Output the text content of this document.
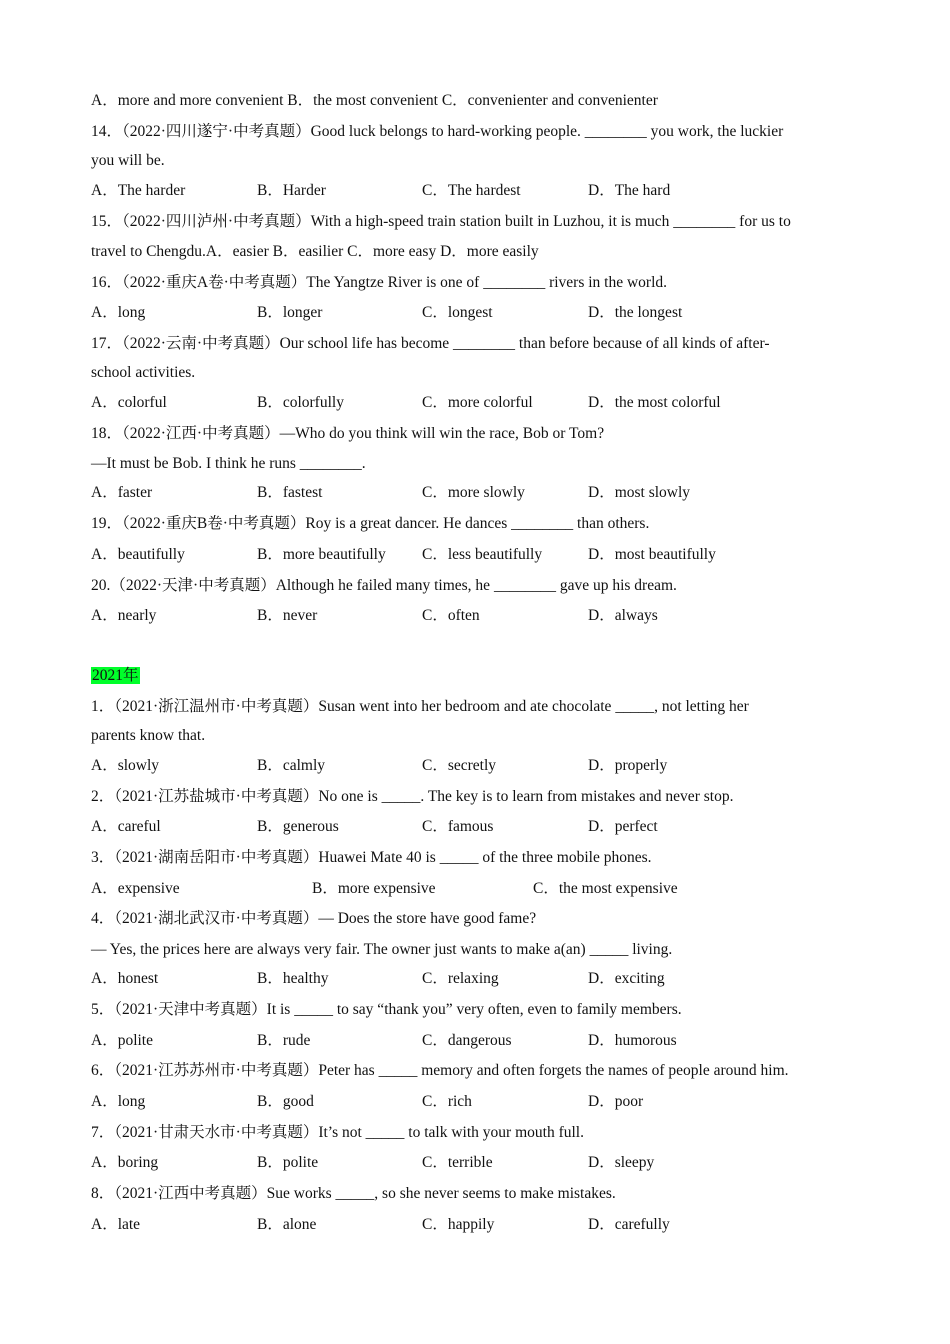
A．more and more convenient B．the most convenient C．convenienter and convenienter
14．（2022·四川遂宁·中考真题）Good luck belongs to hard-working people. ________ you work, the luckier
you will be.
A．The harder	B．Harder	C．The hardest	D．The hard
15．（2022·四川泸州·中考真题）With a high-speed train station built in Luzhou, it is much ________ for us to
travel to Chengdu.A．easier B．easilier C．more easy D．more easily
16．（2022·重庆A卷·中考真题）The Yangtze River is one of ________ rivers in the world.
A．long	B．longer	C．longest	D．the longest
17．（2022·云南·中考真题）Our school life has become ________ than before because of all kinds of after-
school activities.
A．colorful	B．colorfully	C．more colorful	D．the most colorful
18．（2022·江西·中考真题）—Who do you think will win the race, Bob or Tom?
—It must be Bob. I think he runs ________.
A．faster	B．fastest	C．more slowly	D．most slowly
19．（2022·重庆B卷·中考真题）Roy is a great dancer. He dances ________ than others.
A．beautifully	B．more beautifully C．less beautifully	D．most beautifully
20.（2022·天津·中考真题）Although he failed many times, he ________ gave up his dream.
A．nearly	B．never	C．often	D．always
2021年
1．（2021·浙江温州市·中考真题）Susan went into her bedroom and ate chocolate _____, not letting her
parents know that.
A．slowly	B．calmly	C．secretly	D．properly
2．（2021·江苏盐城市·中考真题）No one is _____. The key is to learn from mistakes and never stop.
A．careful	B．generous	C．famous	D．perfect
3．（2021·湖南岳阳市·中考真题）Huawei Mate 40 is _____ of the three mobile phones.
A．expensive	B．more expensive	C．the most expensive
4．（2021·湖北武汉市·中考真题）— Does the store have good fame?
— Yes, the prices here are always very fair. The owner just wants to make a(an) _____ living.
A．honest	B．healthy	C．relaxing	D．exciting
5．（2021·天津中考真题）It is _____ to say “thank you” very often, even to family members.
A．polite	B．rude	C．dangerous	D．humorous
6．（2021·江苏苏州市·中考真题）Peter has _____ memory and often forgets the names of people around him.
A．long	B．good	C．rich	D．poor
7．（2021·甘肃天水市·中考真题）It’s not _____ to talk with your mouth full.
A．boring	B．polite	C．terrible	D．sleepy
8．（2021·江西中考真题）Sue works _____, so she never seems to make mistakes.
A．late	B．alone	C．happily	D．carefully
